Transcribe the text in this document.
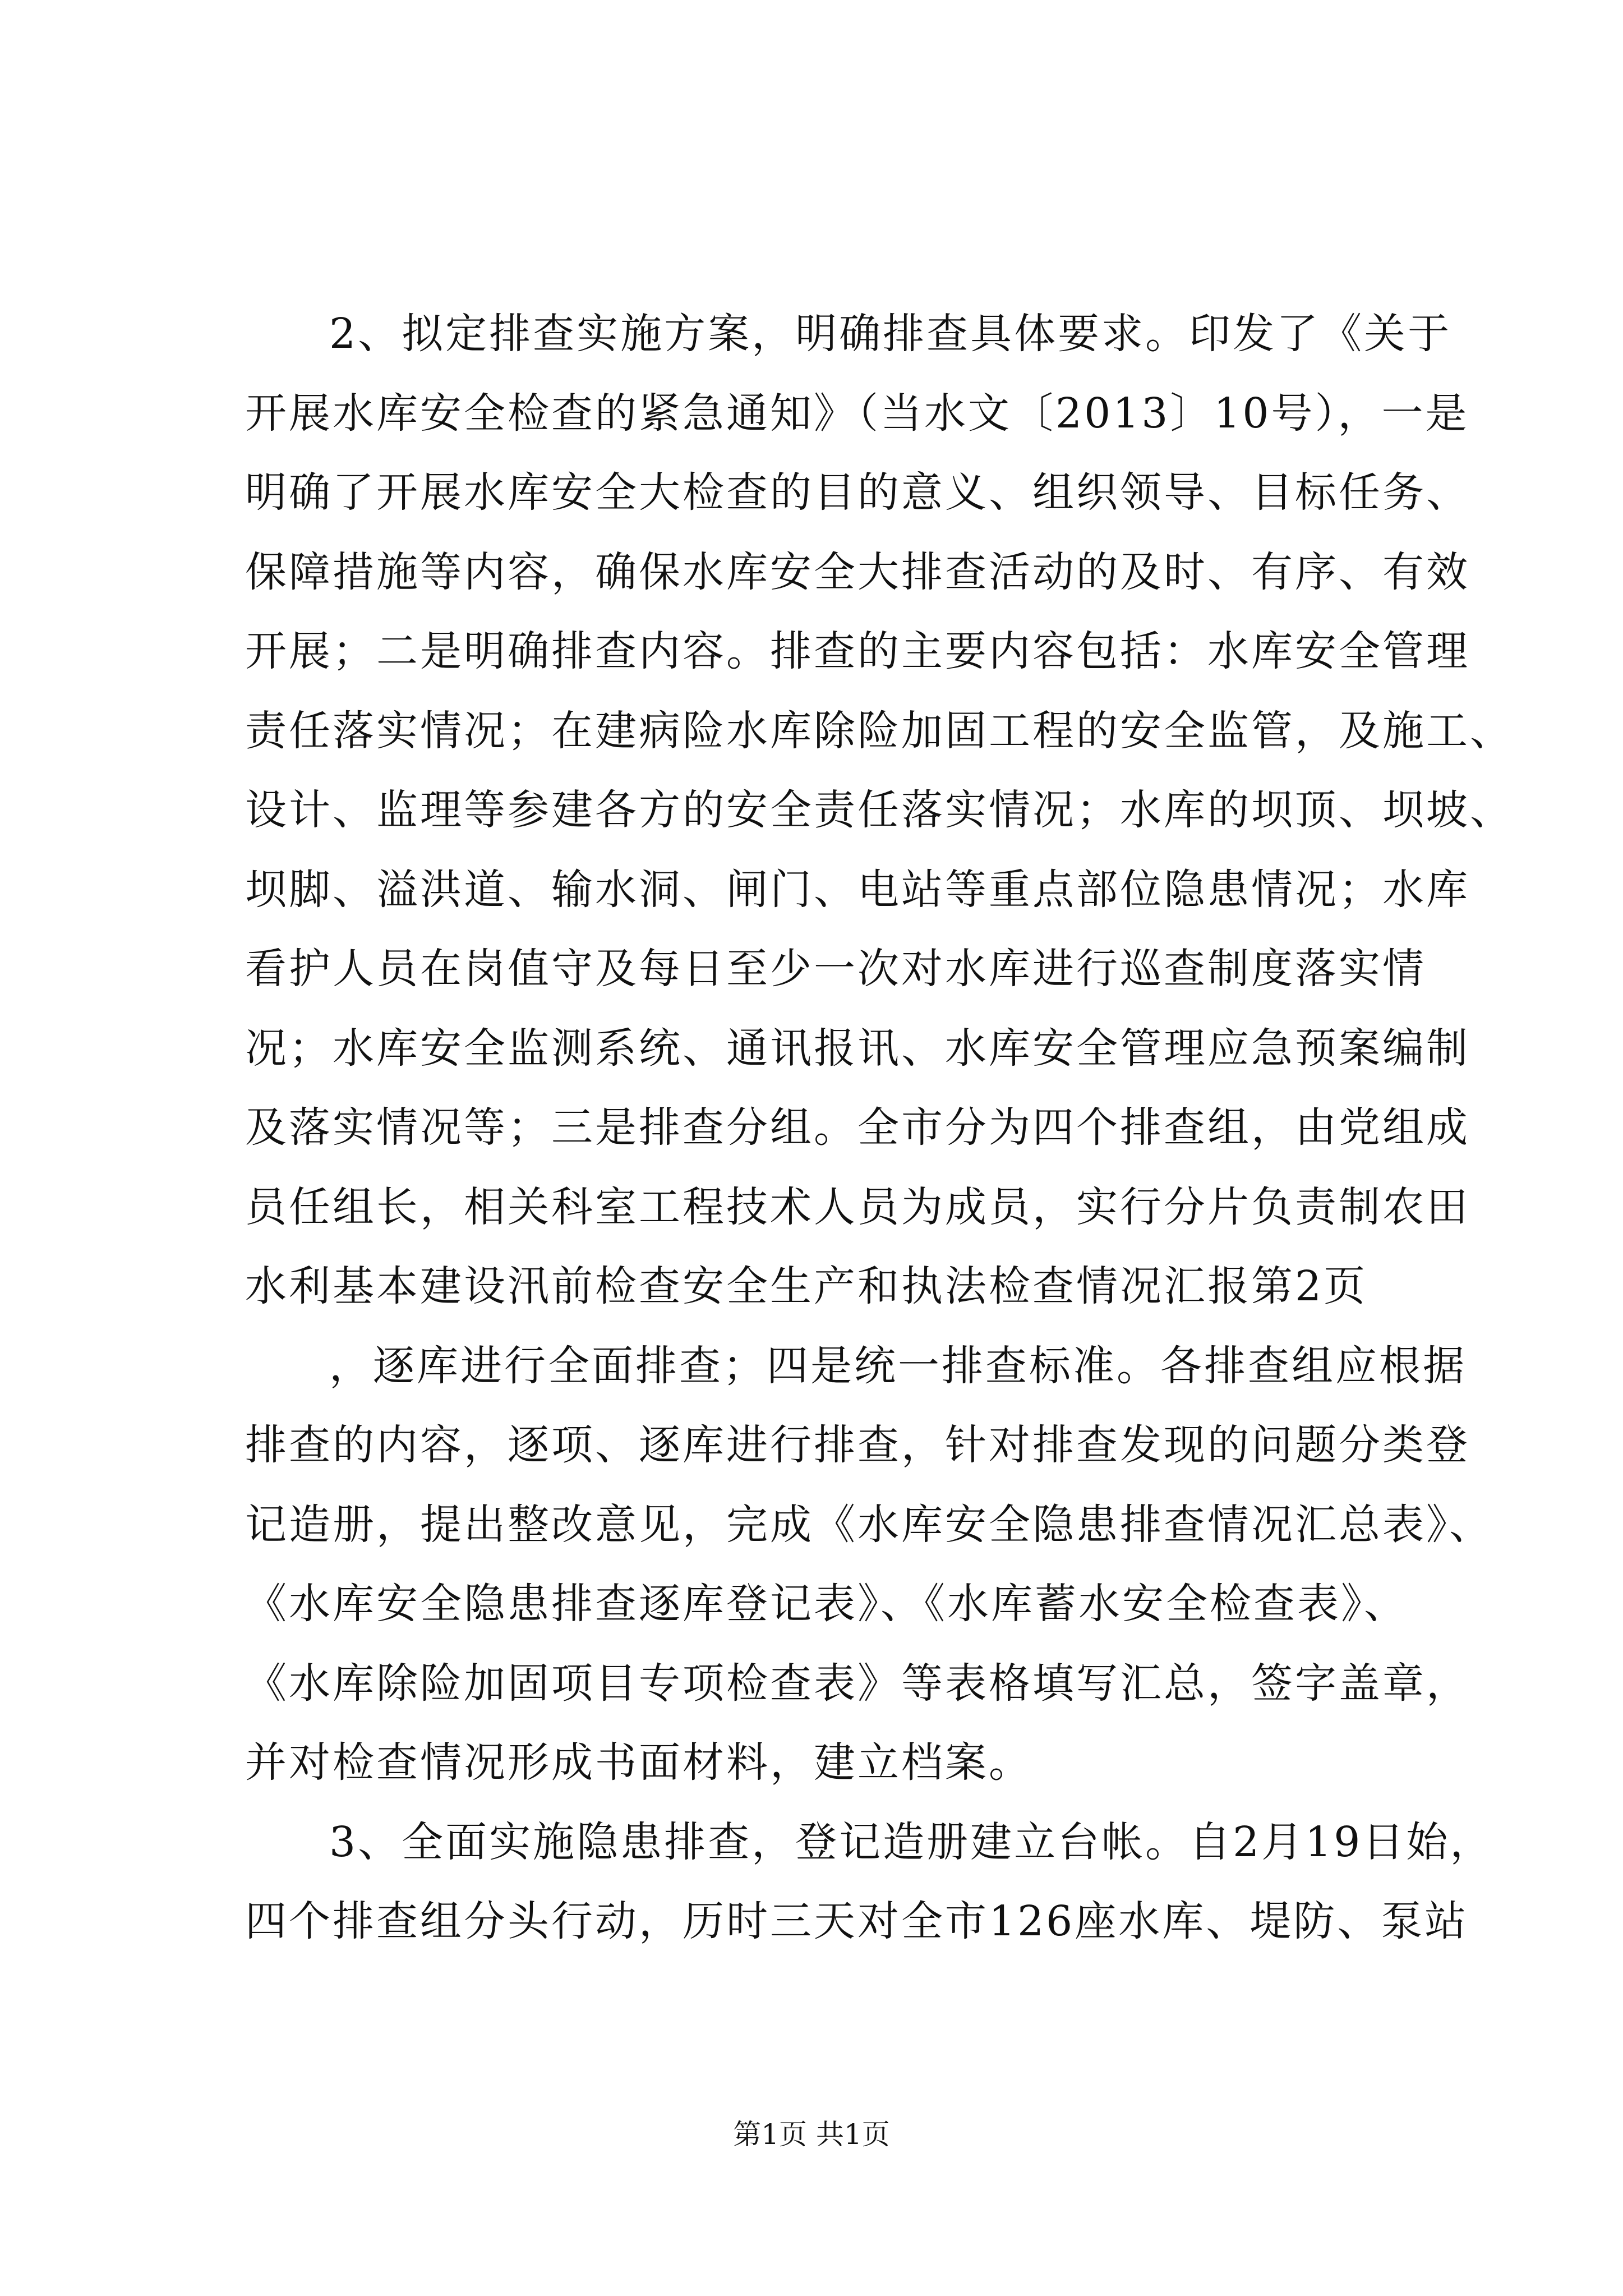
2、拟定排查实施方案，明确排查具体要求。印发了《关于
开展水库安全检查的紧急通知》（当水文〔2013〕10号），一是
明确了开展水库安全大检查的目的意义、组织领导、目标任务、
保障措施等内容，确保水库安全大排查活动的及时、有序、有效
开展；二是明确排查内容。排查的主要内容包括：水库安全管理
责任落实情况；在建病险水库除险加固工程的安全监管，及施工、
设计、监理等参建各方的安全责任落实情况；水库的坝顶、坝坡、
坝脚、溢洪道、输水洞、闸门、电站等重点部位隐患情况；水库
看护人员在岗值守及每日至少一次对水库进行巡查制度落实情
况；水库安全监测系统、通讯报讯、水库安全管理应急预案编制
及落实情况等；三是排查分组。全市分为四个排查组，由党组成
员任组长，相关科室工程技术人员为成员，实行分片负责制农田
水利基本建设汛前检查安全生产和执法检查情况汇报第2页
，逐库进行全面排查；四是统一排查标准。各排查组应根据
排查的内容，逐项、逐库进行排查，针对排查发现的问题分类登
记造册，提出整改意见，完成《水库安全隐患排查情况汇总表》、
《水库安全隐患排查逐库登记表》、《水库蓄水安全检查表》、
《水库除险加固项目专项检查表》等表格填写汇总，签字盖章，
并对检查情况形成书面材料，建立档案。
3、全面实施隐患排查，登记造册建立台帐。自2月19日始，
四个排查组分头行动，历时三天对全市126座水库、堤防、泵站
第1页 共1页
